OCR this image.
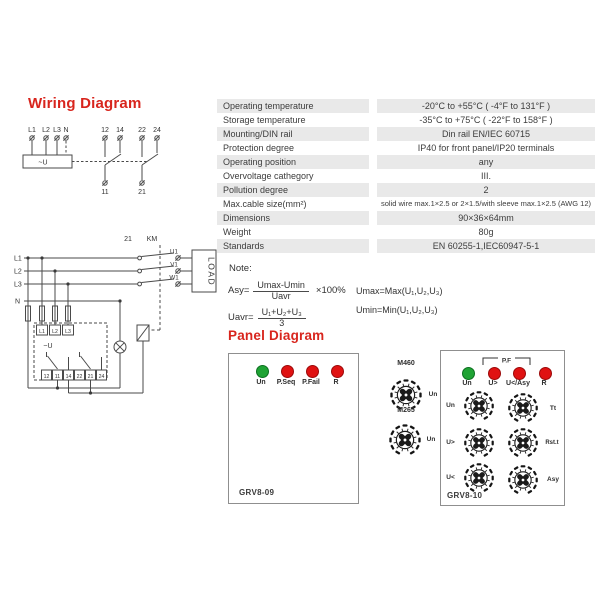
Wiring Diagram
L1 L2 L3 N
~U
12 14 22 24
11	21
L1
L2
L3
N
21 KM
~U
U1
V1
W1	LOAD
L1 L2 L3
12 11 14 22 21 24
Operating temperature	-20°C to +55°C ( -4°F to 131°F )
Storage temperature	-35°C to +75°C ( -22°F to 158°F )
Mounting/DIN rail	Din rail EN/IEC 60715
Protection degree	IP40 for front panel/IP20 terminals
Operating position	any
Overvoltage cathegory	III.
Pollution degree	2
Max.cable size(mm²)	solid wire max.1×2.5 or 2×1.5/with sleeve max.1×2.5 (AWG 12)
Dimensions	90×36×64mm
Weight	80g
Standards	EN 60255-1,IEC60947-5-1
Note:
$Asy= \frac{Umax-Umin}{\text{Uavr}} \times 100\%$
Uavr= $\frac{\text{U₁+U₂+U₃}}{3}$
Umax=Max(U₁,U₂,U₃)
Umin=Min(U₁,U₂,U₃)
Panel Diagram
Un	P.Seq P.Fail	R
GRV8-09
M460
Un
M265
Un
P.F
Un	U>	U</Asy	R
Un	Tt
U>	Rst.t
U<	Asy
GRV8-10
